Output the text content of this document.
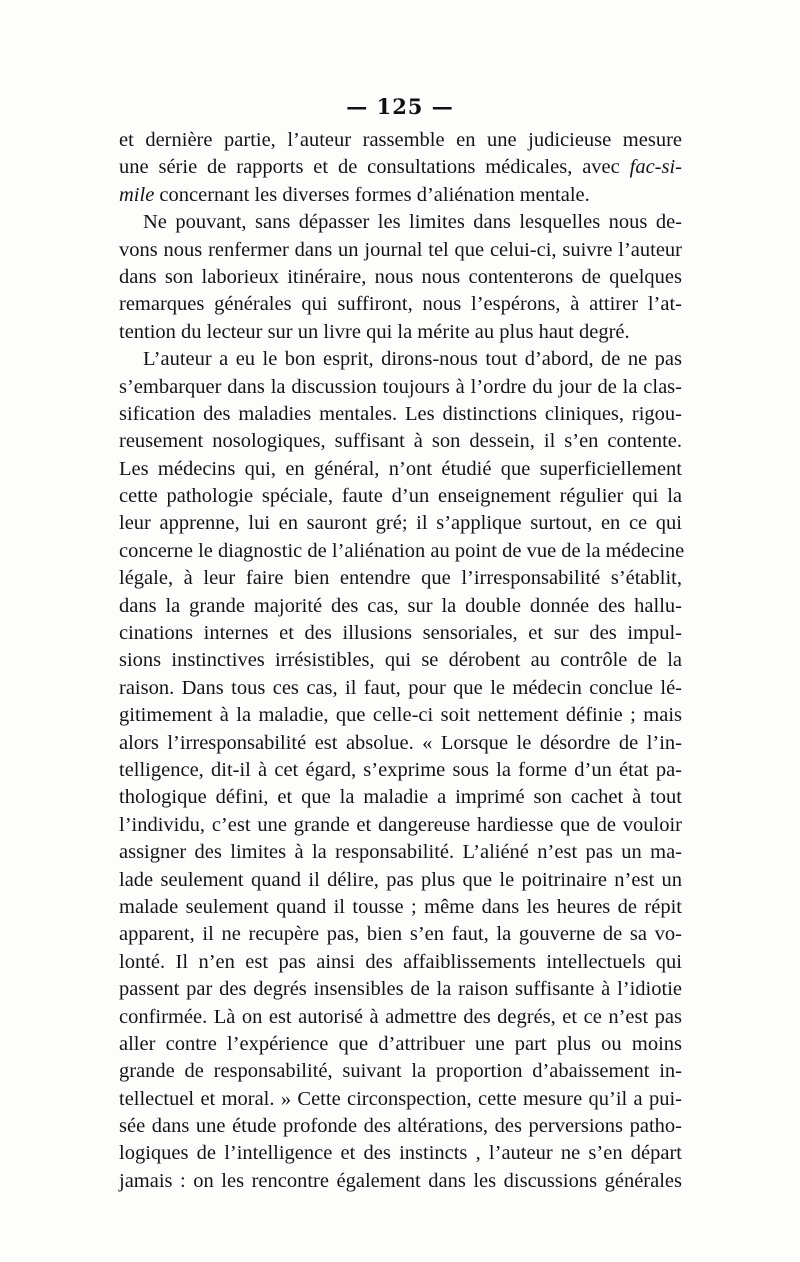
— 125 —
et dernière partie, l’auteur rassemble en une judicieuse mesure
une série de rapports et de consultations médicales, avec fac-si-
mile concernant les diverses formes d’aliénation mentale.
Ne pouvant, sans dépasser les limites dans lesquelles nous de-
vons nous renfermer dans un journal tel que celui-ci, suivre l’auteur
dans son laborieux itinéraire, nous nous contenterons de quelques
remarques générales qui suffiront, nous l’espérons, à attirer l’at-
tention du lecteur sur un livre qui la mérite au plus haut degré.
L’auteur a eu le bon esprit, dirons-nous tout d’abord, de ne pas
s’embarquer dans la discussion toujours à l’ordre du jour de la clas-
sification des maladies mentales. Les distinctions cliniques, rigou-
reusement nosologiques, suffisant à son dessein, il s’en contente.
Les médecins qui, en général, n’ont étudié que superficiellement
cette pathologie spéciale, faute d’un enseignement régulier qui la
leur apprenne, lui en sauront gré; il s’applique surtout, en ce qui
concerne le diagnostic de l’aliénation au point de vue de la médecine
légale, à leur faire bien entendre que l’irresponsabilité s’établit,
dans la grande majorité des cas, sur la double donnée des hallu-
cinations internes et des illusions sensoriales, et sur des impul-
sions instinctives irrésistibles, qui se dérobent au contrôle de la
raison. Dans tous ces cas, il faut, pour que le médecin conclue lé-
gitimement à la maladie, que celle-ci soit nettement définie ; mais
alors l’irresponsabilité est absolue. « Lorsque le désordre de l’in-
telligence, dit-il à cet égard, s’exprime sous la forme d’un état pa-
thologique défini, et que la maladie a imprimé son cachet à tout
l’individu, c’est une grande et dangereuse hardiesse que de vouloir
assigner des limites à la responsabilité. L’aliéné n’est pas un ma-
lade seulement quand il délire, pas plus que le poitrinaire n’est un
malade seulement quand il tousse ; même dans les heures de répit
apparent, il ne recupère pas, bien s’en faut, la gouverne de sa vo-
lonté. Il n’en est pas ainsi des affaiblissements intellectuels qui
passent par des degrés insensibles de la raison suffisante à l’idiotie
confirmée. Là on est autorisé à admettre des degrés, et ce n’est pas
aller contre l’expérience que d’attribuer une part plus ou moins
grande de responsabilité, suivant la proportion d’abaissement in-
tellectuel et moral. » Cette circonspection, cette mesure qu’il a pui-
sée dans une étude profonde des altérations, des perversions patho-
logiques de l’intelligence et des instincts , l’auteur ne s’en départ
jamais : on les rencontre également dans les discussions générales
